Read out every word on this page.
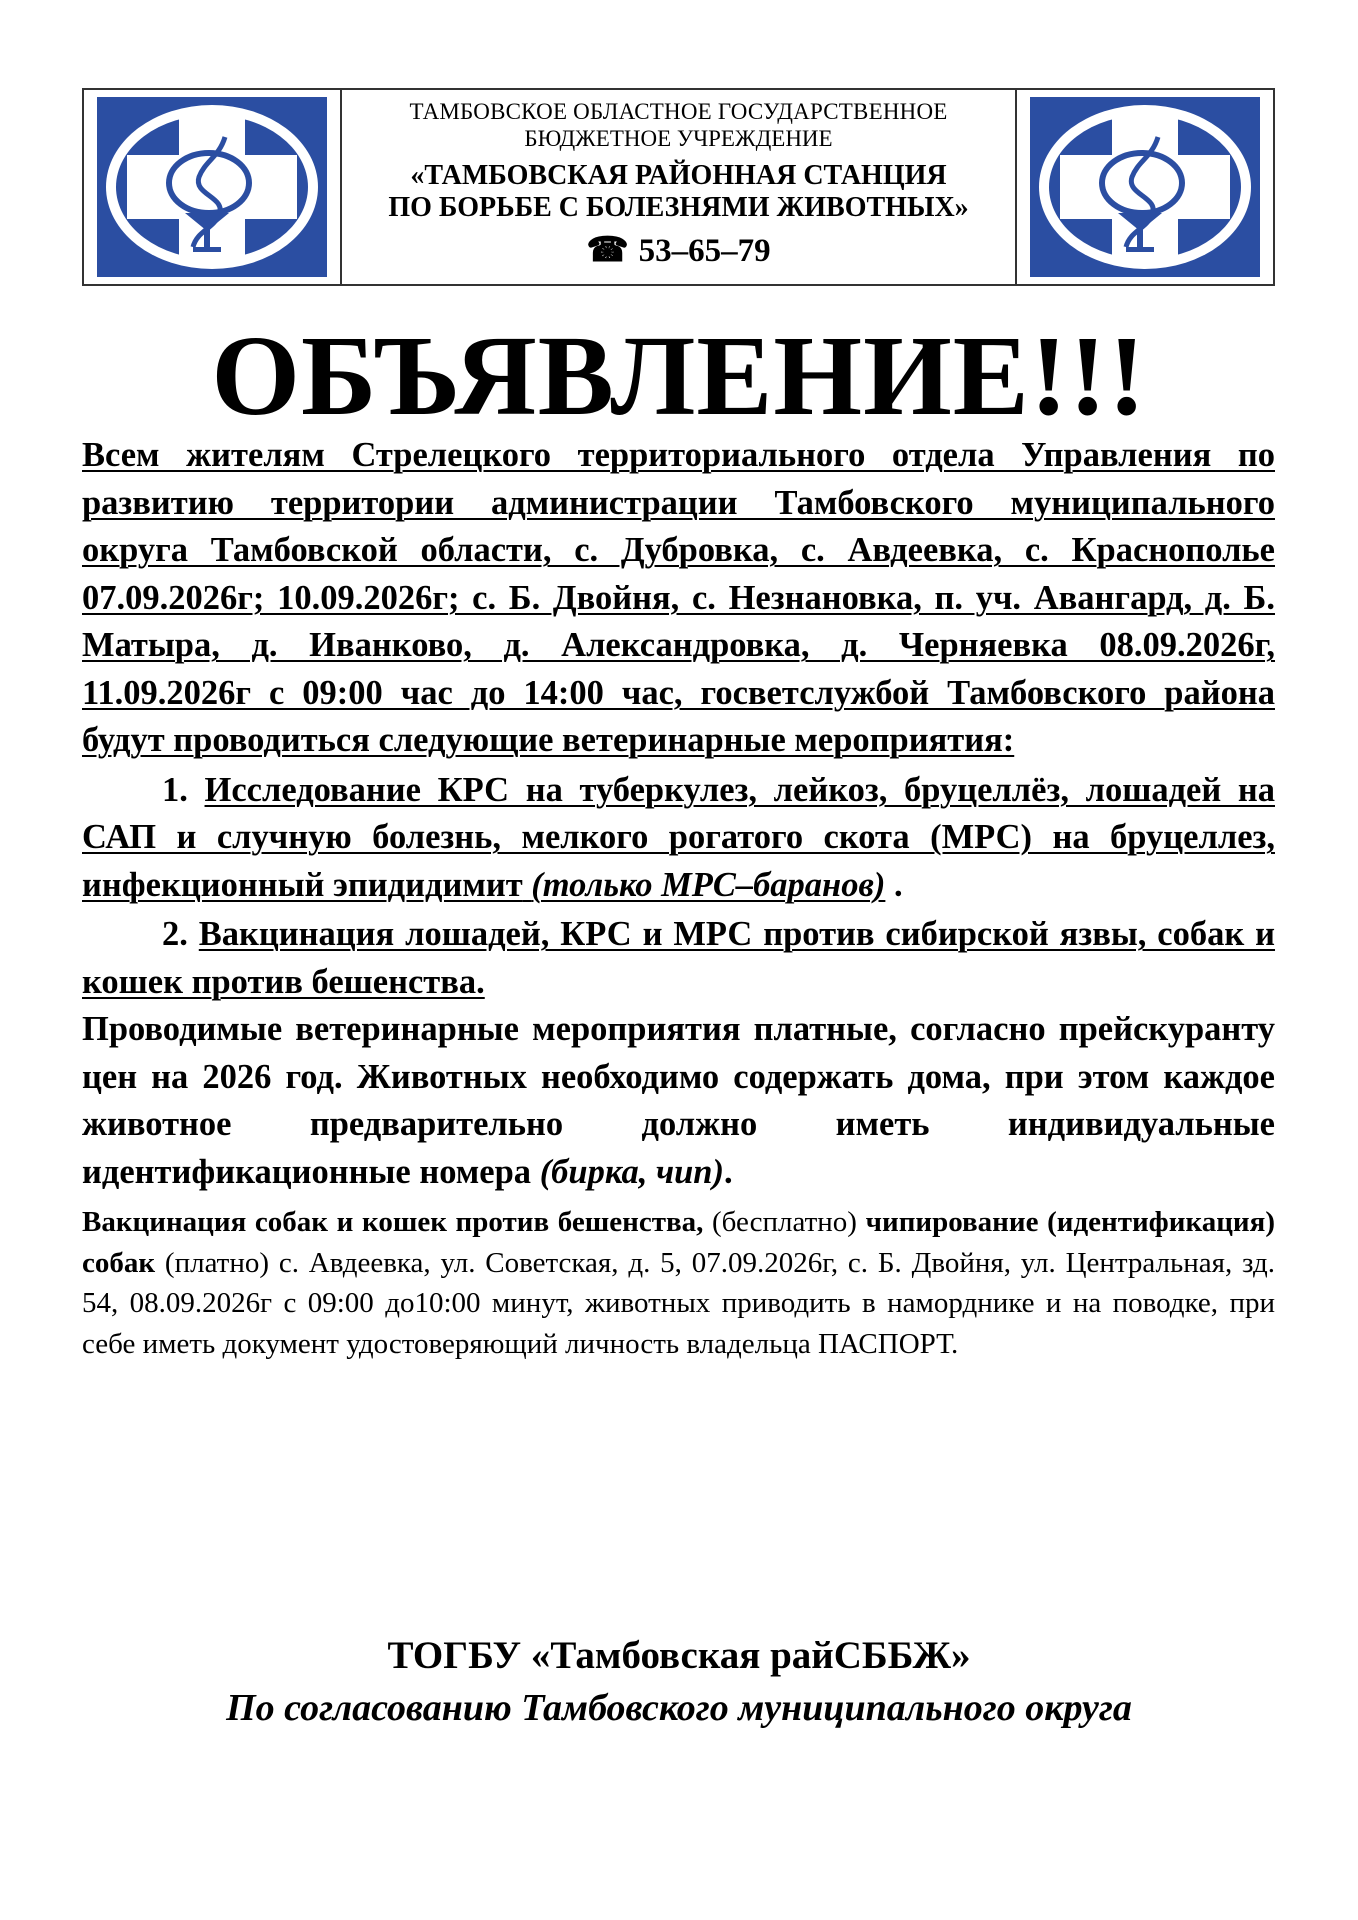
ТАМБОВСКОЕ ОБЛАСТНОЕ ГОСУДАРСТВЕННОЕ
БЮДЖЕТНОЕ УЧРЕЖДЕНИЕ
«ТАМБОВСКАЯ РАЙОННАЯ СТАНЦИЯ
ПО БОРЬБЕ С БОЛЕЗНЯМИ ЖИВОТНЫХ»
☎ 53–65–79
ОБЪЯВЛЕНИЕ!!!

Всем жителям Стрелецкого территориального отдела Управления по развитию территории администрации Тамбовского муниципального округа Тамбовской области, с. Дубровка, с. Авдеевка, с. Краснополье 07.09.2026г; 10.09.2026г; с. Б. Двойня, с. Незнановка, п. уч. Авангард, д. Б. Матыра, д. Иванково, д. Александровка, д. Черняевка 08.09.2026г, 11.09.2026г с 09:00 час до 14:00 час, госветслужбой Тамбовского района будут проводиться следующие ветеринарные мероприятия:

1. Исследование КРС на туберкулез, лейкоз, бруцеллёз, лошадей на САП и случную болезнь, мелкого рогатого скота (МРС) на бруцеллез, инфекционный эпидидимит (только МРС–баранов) .

2. Вакцинация лошадей, КРС и МРС против сибирской язвы, собак и кошек против бешенства.

Проводимые ветеринарные мероприятия платные, согласно прейскуранту цен на 2026 год. Животных необходимо содержать дома, при этом каждое животное предварительно должно иметь индивидуальные идентификационные номера (бирка, чип).

Вакцинация собак и кошек против бешенства, (бесплатно) чипирование (идентификация) собак (платно) с. Авдеевка, ул. Советская, д. 5, 07.09.2026г, с. Б. Двойня, ул. Центральная, зд. 54, 08.09.2026г с 09:00 до10:00 минут, животных приводить в наморднике и на поводке, при себе иметь документ удостоверяющий личность владельца ПАСПОРТ.

ТОГБУ «Тамбовская райСББЖ»
По согласованию Тамбовского муниципального округа
